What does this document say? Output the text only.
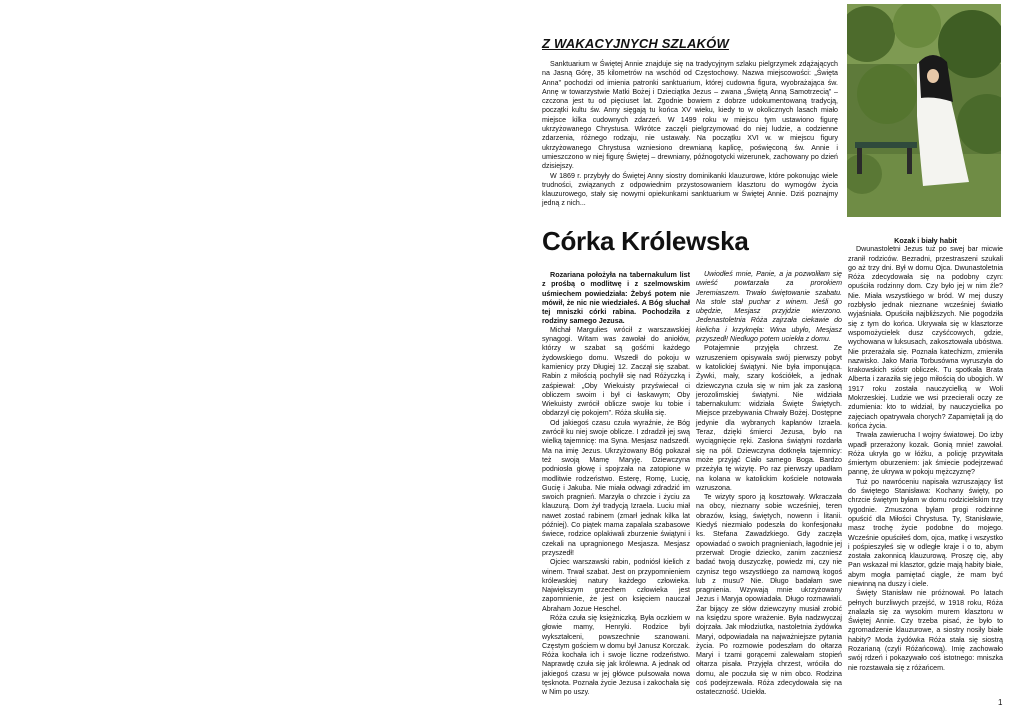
Z WAKACYJNYCH SZLAKÓW

Sanktuarium w Świętej Annie znajduje się na tradycyjnym szlaku pielgrzymek zdążających na Jasną Górę, 35 kilometrów na wschód od Częstochowy. Nazwa miejscowości: „Święta Anna” pochodzi od imienia patronki sanktuarium, której cudowna figura, wyobrażająca św. Annę w towarzystwie Matki Bożej i Dzieciątka Jezus – zwana „Świętą Anną Samotrzecią” – czczona jest tu od pięciuset lat. Zgodnie bowiem z dobrze udokumentowaną tradycją, początki kultu św. Anny sięgają tu końca XV wieku, kiedy to w okolicznych lasach miało miejsce kilka cudownych zdarzeń. W 1499 roku w miejscu tym ustawiono figurę ukrzyżowanego Chrystusa. Wkrótce zaczęli pielgrzymować do niej ludzie, a codzienne zdarzenia, różnego rodzaju, nie ustawały. Na początku XVI w. w miejscu figury ukrzyżowanego Chrystusa wzniesiono drewnianą kaplicę, poświęconą św. Annie i umieszczono w niej figurę Świętej – drewniany, późnogotycki wizerunek, zachowany po dzień dzisiejszy.

W 1869 r. przybyły do Świętej Anny siostry dominikanki klauzurowe, które pokonując wiele trudności, związanych z odpowiednim przystosowaniem klasztoru do wymogów życia klauzurowego, stały się nowymi opiekunkami sanktuarium w Świętej Annie. Dziś poznajmy jedną z nich...

Córka Królewska

Rozariana położyła na tabernakulum list z prośbą o modlitwę i z szelmowskim uśmiechem powiedziała: Żebyś potem nie mówił, że nic nie wiedziałeś. A Bóg słuchał tej mniszki córki rabina. Pochodziła z rodziny samego Jezusa.

Michał Margulies wrócił z warszawskiej synagogi. Witam was zawołał do aniołów, którzy w szabat są gośćmi każdego żydowskiego domu. Wszedł do pokoju w kamienicy przy Długiej 12. Zaczął się szabat. Rabin z miłością pochylił się nad Różyczką i zaśpiewał: „Oby Wiekuisty przyświecał ci obliczem swoim i był ci łaskawym; Oby Wiekuisty zwrócił oblicze swoje ku tobie i obdarzył cię pokojem”. Róża skuliła się.

Od jakiegoś czasu czuła wyraźnie, że Bóg zwrócił ku niej swoje oblicze. I zdradził jej swą wielką tajemnicę: ma Syna. Mesjasz nadszedł. Ma na imię Jezus. Ukrzyżowany Bóg pokazał też swoją Mamę Maryję. Dziewczyna podniosła głowę i spojrzała na zatopione w modlitwie rodzeństwo. Esterę, Romę, Lucię, Gucię i Jakuba. Nie miała odwagi zdradzić im swoich pragnień. Marzyła o chrzcie i życiu za klauzurą. Dom żył tradycją Izraela. Luciu miał nawet zostać rabinem (zmarł jednak kilka lat później). Co piątek mama zapalała szabasowe świece, rodzice oplakiwali zburzenie świątyni i czekali na upragnionego Mesjasza. Mesjasz przyszedł!

Ojciec warszawski rabin, podniósł kielich z winem. Trwał szabat. Jest on przypomnieniem królewskiej natury każdego człowieka. Największym grzechem człowieka jest zapomnienie, że jest on księciem nauczał Abraham Jozue Heschel.

Róża czuła się księżniczką. Była oczkiem w głowie mamy, Henryki. Rodzice byli wykształceni, powszechnie szanowani. Częstym gościem w domu był Janusz Korczak. Róża kochała ich i swoje liczne rodzeństwo. Naprawdę czuła się jak królewna. A jednak od jakiegoś czasu w jej główce pulsowała nowa tęsknota. Poznała życie Jezusa i zakochała się w Nim po uszy.

Uwiodłeś mnie, Panie, a ja pozwoliłam się uwieść powtarzała za prorokiem Jeremiaszem. Trwało świętowanie szabatu. Na stole stał puchar z winem. Jeśli go ubędzie, Mesjasz przyjdzie wierzono. Jedenastoletnia Róża zajrzała ciekawie do kielicha i krzyknęła: Wina ubyło, Mesjasz przyszedł! Niedługo potem uciekła z domu.

Potajemnie przyjęła chrzest. Ze wzruszeniem opisywała swój pierwszy pobyt w katolickiej świątyni. Nie była imponująca. Żywki, mały, szary kościółek, a jednak dziewczyna czuła się w nim jak za zasłoną jerozolimskiej świątyni. Nie widziała tabernakulum: widziała Święte Świętych. Miejsce przebywania Chwały Bożej. Dostępne jedynie dla wybranych kapłanów Izraela. Teraz, dzięki śmierci Jezusa, było na wyciągnięcie ręki. Zasłona świątyni rozdarła się na pół. Dziewczyna dotknęła tajemnicy: może przyjąć Ciało samego Boga. Bardzo przeżyła tę wizytę. Po raz pierwszy upadłam na kolana w katolickim kościele notowała wzruszona.

Te wizyty sporo ją kosztowały. Wkraczała na obcy, nieznany sobie wcześniej, teren obrazów, ksiąg, świętych, nowenn i litanii. Kiedyś niezmiało podeszła do konfesjonału ks. Stefana Zawadzkiego. Gdy zaczęła opowiadać o swoich pragnieniach, łagodnie jej przerwał: Drogie dziecko, zanim zaczniesz badać twoją duszyczkę, powiedz mi, czy nie czynisz tego wszystkiego za namową kogoś lub z musu? Nie. Długo badałam swe pragnienia. Wzywają mnie ukrzyżowany Jezus i Maryja opowiadała. Długo rozmawiali. Żar bijący ze słów dziewczyny musiał zrobić na księdzu spore wrażenie. Była nadzwyczaj dojrzała. Jak młodziutka, nastoletnia żydówka Maryi, odpowiadała na najważniejsze pytania życia. Po rozmowie podeszłam do ołtarza Maryi i tzami gorącemi zalewałam stopień ołtarza pisała. Przyjęła chrzest, wróciła do domu, ale poczuła się w nim obco. Rodzina coś podejrzewała. Róża zdecydowała się na ostateczność. Uciekła.

Kozak i biały habit

Dwunastoletni Jezus tuż po swej bar micwie zranił rodziców. Bezradni, przestraszeni szukali go aż trzy dni. Był w domu Ojca. Dwunastoletnia Róża zdecydowała się na podobny czyn: opuściła rodzinny dom. Czy było jej w nim źle? Nie. Miała wszystkiego w bród. W mej duszy rozbłysło jednak nieznane wcześniej światło wyjaśniała. Opuściła najbliższych. Nie pogodziła się z tym do końca. Ukrywała się w klasztorze wspomożycielek dusz czyśćcowych, gdzie, wychowana w luksusach, zakosztowała ubóstwa. Nie przerażała się. Poznała katechizm, zmieniła nazwisko. Jako Maria Torbusówna wyruszyła do krakowskich sióstr obliczek. Tu spotkała Brata Alberta i zaraziła się jego miłością do ubogich. W 1917 roku została nauczycielką w Woli Mokrzeskiej. Ludzie we wsi przecierali oczy ze zdumienia: kto to widział, by nauczycielka po zajęciach opatrywała chorych? Zapamiętali ją do końca życia.

Trwała zawierucha I wojny światowej. Do izby wpadł przerażony kozak. Gonią mnie! zawołał. Róża ukryła go w łóżku, a policję przywitała śmiertym oburzeniem: jak śmiecie podejrzewać pannę, że ukrywa w pokoju mężczyznę?

Tuż po nawróceniu napisała wzruszający list do świętego Stanisława: Kochany święty, po chrzcie świętym byłam w domu rodzicielskim trzy tygodnie. Zmuszona byłam progi rodzinne opuścić dla Miłości Chrystusa. Ty, Stanisławie, masz trochę życie podobne do mojego. Wcześnie opuściłeś dom, ojca, matkę i wszystko i pośpieszyłeś się w odległe kraje i o to, abym została zakonnicą klauzurową. Proszę cię, aby Pan wskazał mi klasztor, gdzie mają habity białe, abym mogła pamiętać ciągle, że mam być niewinną na duszy i ciele.

Święty Stanisław nie próżnował. Po latach pełnych burzliwych przejść, w 1918 roku, Róża znalazła się za wysokim murem klasztoru w Świętej Annie. Czy trzeba pisać, że było to zgromadzenie klauzurowe, a siostry nosiły białe habity? Moda żydówka Róża stała się siostrą Rozarianą (czyli Różańcową). Imię zachowało swój rdzeń i pokazywało coś istotnego: mniszka nie rozstawała się z różańcem.

1
